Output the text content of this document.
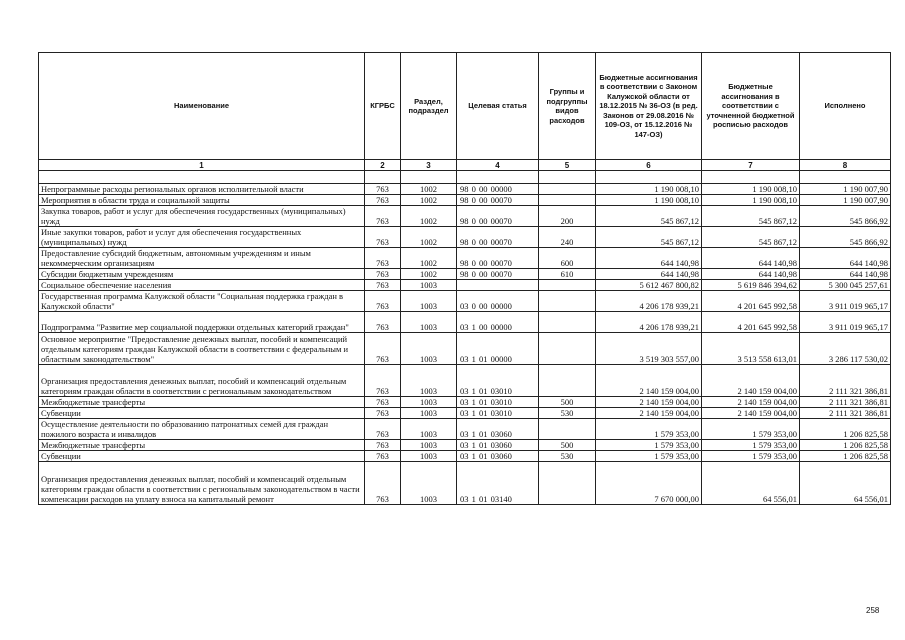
Наименование	КГРБС	Раздел, подраздел	Целевая статья	Группы и подгруппы видов расходов	Бюджетные ассигнования в соответствии с Законом Калужской области от 18.12.2015 № 36-ОЗ (в ред. Законов от 29.08.2016 № 109-ОЗ, от 15.12.2016 № 147-ОЗ)	Бюджетные ассигнования в соответствии с уточненной бюджетной росписью расходов	Исполнено
1	2	3	4	5	6	7	8

Непрограммные расходы региональных органов исполнительной власти	763	1002	98 0 00 00000		1 190 008,10	1 190 008,10	1 190 007,90
Мероприятия в области труда и социальной защиты	763	1002	98 0 00 00070		1 190 008,10	1 190 008,10	1 190 007,90
Закупка товаров, работ и услуг для обеспечения государственных (муниципальных) нужд	763	1002	98 0 00 00070	200	545 867,12	545 867,12	545 866,92
Иные закупки товаров, работ и услуг для обеспечения государственных (муниципальных) нужд	763	1002	98 0 00 00070	240	545 867,12	545 867,12	545 866,92
Предоставление субсидий бюджетным, автономным учреждениям и иным некоммерческим организациям	763	1002	98 0 00 00070	600	644 140,98	644 140,98	644 140,98
Субсидии бюджетным учреждениям	763	1002	98 0 00 00070	610	644 140,98	644 140,98	644 140,98
Социальное обеспечение населения	763	1003			5 612 467 800,82	5 619 846 394,62	5 300 045 257,61
Государственная программа Калужской области "Социальная поддержка граждан в Калужской области"	763	1003	03 0 00 00000		4 206 178 939,21	4 201 645 992,58	3 911 019 965,17
Подпрограмма "Развитие мер социальной поддержки отдельных категорий граждан"	763	1003	03 1 00 00000		4 206 178 939,21	4 201 645 992,58	3 911 019 965,17
Основное мероприятие "Предоставление денежных выплат, пособий и компенсаций отдельным категориям граждан Калужской области в соответствии с федеральным и областным законодательством"	763	1003	03 1 01 00000		3 519 303 557,00	3 513 558 613,01	3 286 117 530,02
Организация предоставления денежных выплат, пособий и компенсаций отдельным категориям граждан области в соответствии с региональным законодательством	763	1003	03 1 01 03010		2 140 159 004,00	2 140 159 004,00	2 111 321 386,81
Межбюджетные трансферты	763	1003	03 1 01 03010	500	2 140 159 004,00	2 140 159 004,00	2 111 321 386,81
Субвенции	763	1003	03 1 01 03010	530	2 140 159 004,00	2 140 159 004,00	2 111 321 386,81
Осуществление деятельности по образованию патронатных семей для граждан пожилого возраста и инвалидов	763	1003	03 1 01 03060		1 579 353,00	1 579 353,00	1 206 825,58
Межбюджетные трансферты	763	1003	03 1 01 03060	500	1 579 353,00	1 579 353,00	1 206 825,58
Субвенции	763	1003	03 1 01 03060	530	1 579 353,00	1 579 353,00	1 206 825,58
Организация предоставления денежных выплат, пособий и компенсаций отдельным категориям граждан области в соответствии с региональным законодательством в части компенсации расходов на уплату взноса на капитальный ремонт	763	1003	03 1 01 03140		7 670 000,00	64 556,01	64 556,01
258
